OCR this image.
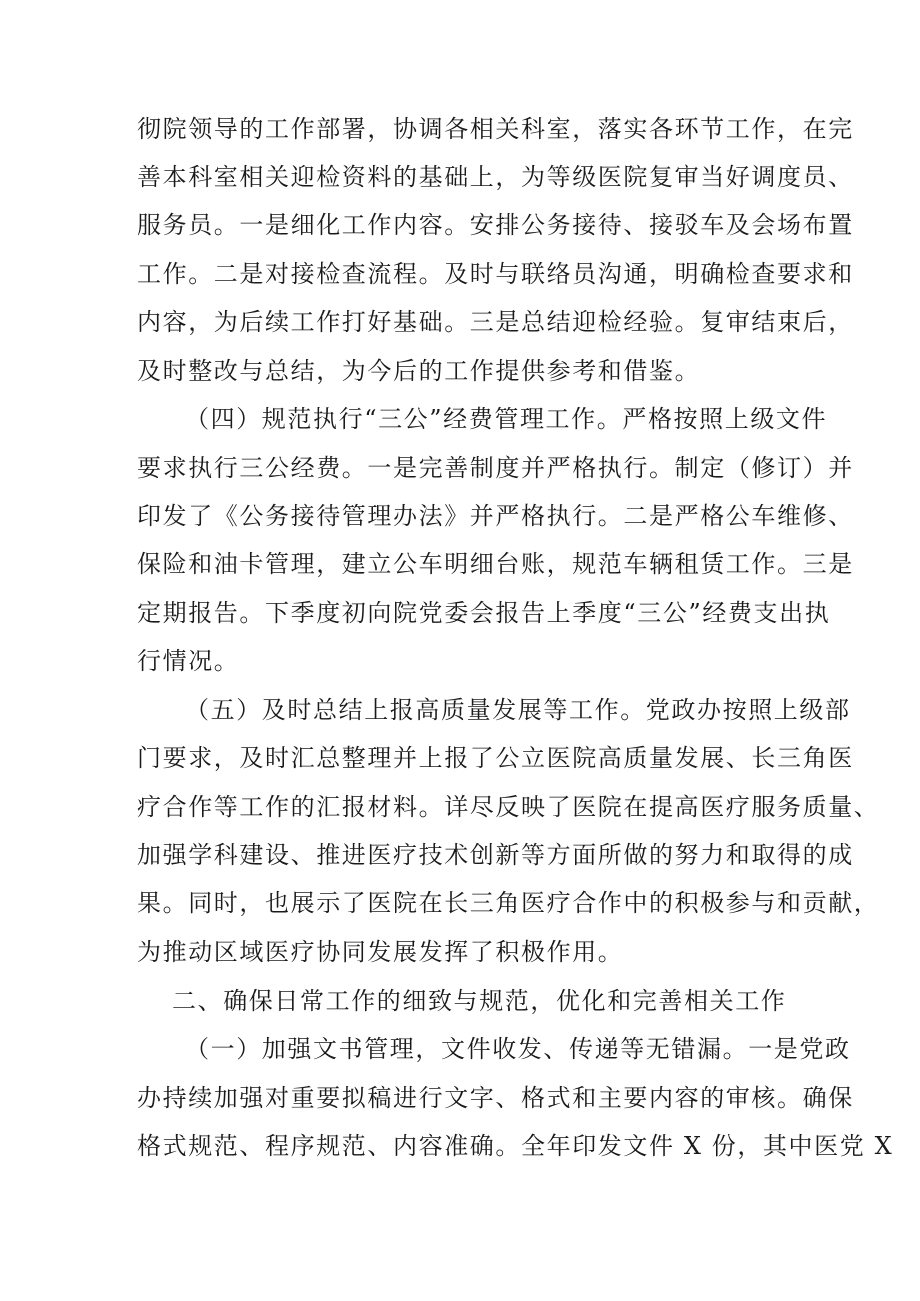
彻院领导的工作部署，协调各相关科室，落实各环节工作，在完
善本科室相关迎检资料的基础上，为等级医院复审当好调度员、
服务员。一是细化工作内容。安排公务接待、接驳车及会场布置
工作。二是对接检查流程。及时与联络员沟通，明确检查要求和
内容，为后续工作打好基础。三是总结迎检经验。复审结束后，
及时整改与总结，为今后的工作提供参考和借鉴。
（四）规范执行“三公”经费管理工作。严格按照上级文件
要求执行三公经费。一是完善制度并严格执行。制定（修订）并
印发了《公务接待管理办法》并严格执行。二是严格公车维修、
保险和油卡管理，建立公车明细台账，规范车辆租赁工作。三是
定期报告。下季度初向院党委会报告上季度“三公”经费支出执
行情况。
（五）及时总结上报高质量发展等工作。党政办按照上级部
门要求，及时汇总整理并上报了公立医院高质量发展、长三角医
疗合作等工作的汇报材料。详尽反映了医院在提高医疗服务质量、
加强学科建设、推进医疗技术创新等方面所做的努力和取得的成
果。同时，也展示了医院在长三角医疗合作中的积极参与和贡献，
为推动区域医疗协同发展发挥了积极作用。
二、确保日常工作的细致与规范，优化和完善相关工作
（一）加强文书管理，文件收发、传递等无错漏。一是党政
办持续加强对重要拟稿进行文字、格式和主要内容的审核。确保
格式规范、程序规范、内容准确。全年印发文件 X 份，其中医党 X
